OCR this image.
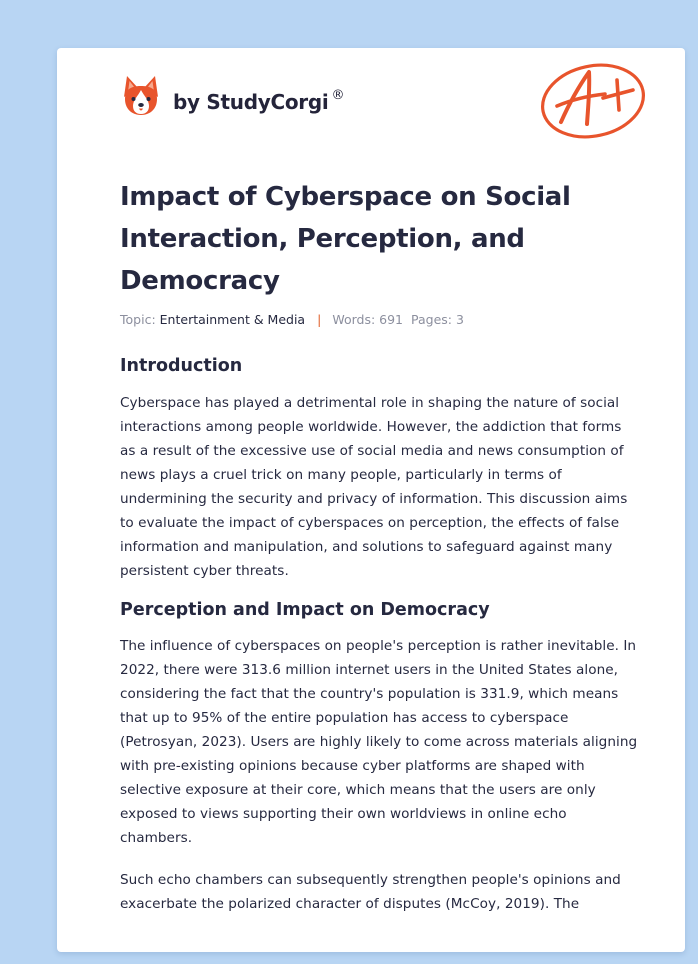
by StudyCorgi ®
Impact of Cyberspace on Social Interaction, Perception, and Democracy
Topic: Entertainment & Media | Words: 691 Pages: 3
Introduction

Cyberspace has played a detrimental role in shaping the nature of social interactions among people worldwide. However, the addiction that forms as a result of the excessive use of social media and news consumption of news plays a cruel trick on many people, particularly in terms of undermining the security and privacy of information. This discussion aims to evaluate the impact of cyberspaces on perception, the effects of false information and manipulation, and solutions to safeguard against many persistent cyber threats.

Perception and Impact on Democracy

The influence of cyberspaces on people's perception is rather inevitable. In 2022, there were 313.6 million internet users in the United States alone, considering the fact that the country's population is 331.9, which means that up to 95% of the entire population has access to cyberspace (Petrosyan, 2023). Users are highly likely to come across materials aligning with pre-existing opinions because cyber platforms are shaped with selective exposure at their core, which means that the users are only exposed to views supporting their own worldviews in online echo chambers.

Such echo chambers can subsequently strengthen people's opinions and exacerbate the polarized character of disputes (McCoy, 2019). The
